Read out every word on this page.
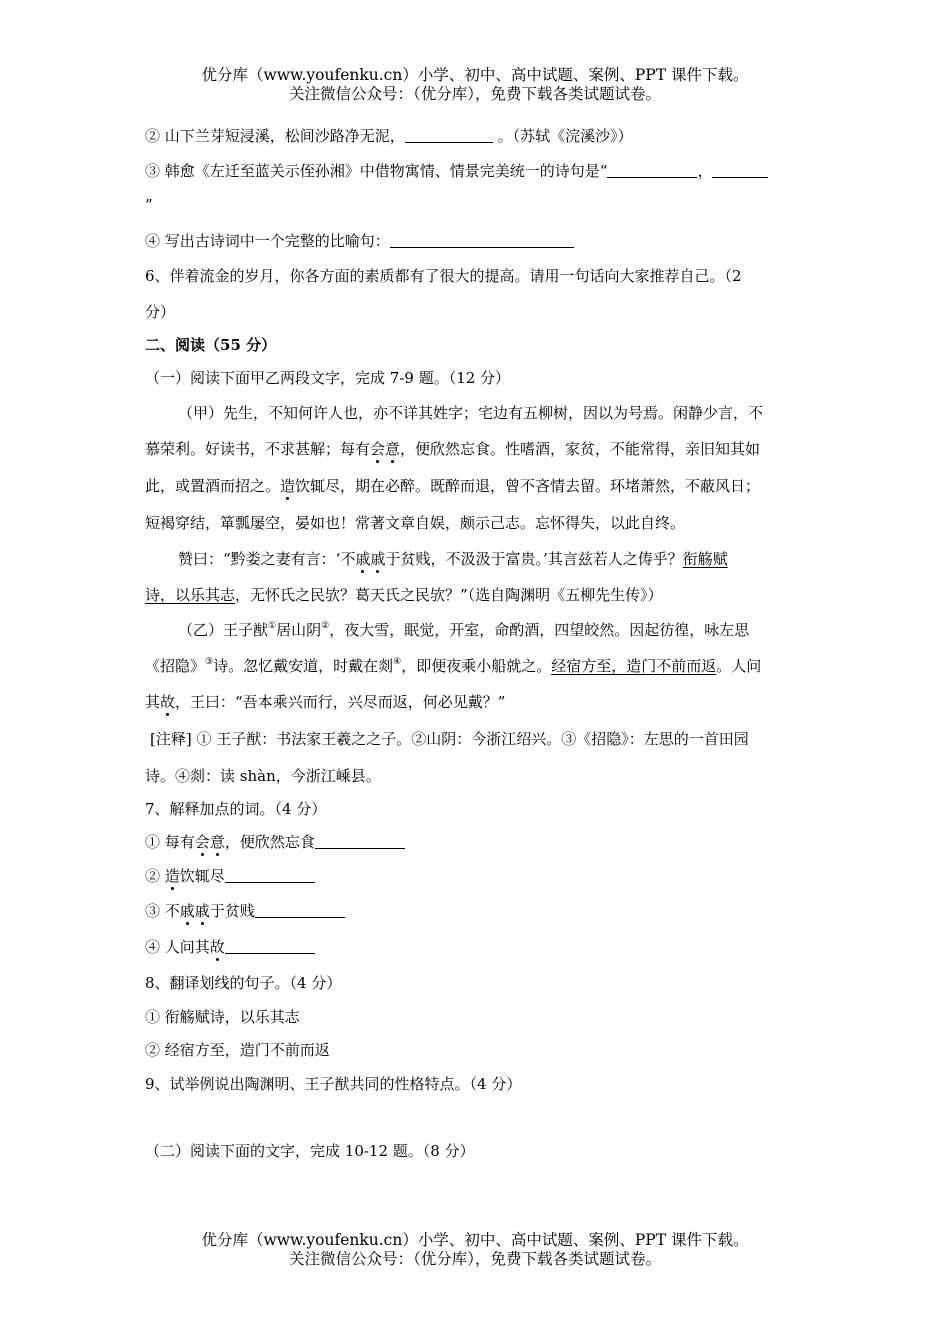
优分库（www.youfenku.cn）小学、初中、高中试题、案例、PPT 课件下载。
关注微信公众号：（优分库），免费下载各类试题试卷。
② 山下兰芽短浸溪，松间沙路净无泥，	。（苏轼《浣溪沙》）
③ 韩愈《左迁至蓝关示侄孙湘》中借物寓情、情景完美统一的诗句是“	，
”
④ 写出古诗词中一个完整的比喻句：
6、伴着流金的岁月，你各方面的素质都有了很大的提高。请用一句话向大家推荐自己。（2
分）
二、阅读（55 分）
（一）阅读下面甲乙两段文字，完成 7-9 题。（12 分）
（甲）先生，不知何许人也，亦不详其姓字；宅边有五柳树，因以为号焉。闲静少言，不
慕荣利。好读书，不求甚解；每有会意，便欣然忘食。性嗜酒，家贫，不能常得，亲旧知其如
此，或置酒而招之。造饮辄尽，期在必醉。既醉而退，曾不吝情去留。环堵萧然，不蔽风日；
短褐穿结，箪瓢屡空，晏如也！常著文章自娱，颇示己志。忘怀得失，以此自终。
赞曰：“黔娄之妻有言：‘不戚戚于贫贱，不汲汲于富贵。’其言兹若人之俦乎？衔觞赋
诗，以乐其志，无怀氏之民欤？葛天氏之民欤？”（选自陶渊明《五柳先生传》）
（乙）王子猷①居山阴②，夜大雪，眠觉，开室，命酌酒，四望皎然。因起彷徨，咏左思
《招隐》③诗。忽忆戴安道，时戴在剡④，即便夜乘小船就之。经宿方至，造门不前而返。人问
其故，王曰：“吾本乘兴而行，兴尽而返，何必见戴？”
[注释] ① 王子猷：书法家王羲之之子。②山阴：今浙江绍兴。③《招隐》：左思的一首田园
诗。④剡：读 shàn，今浙江嵊县。
7、解释加点的词。（4 分）
① 每有会意，便欣然忘食
② 造饮辄尽
③ 不戚戚于贫贱
④ 人问其故
8、翻译划线的句子。（4 分）
① 衔觞赋诗，以乐其志
② 经宿方至，造门不前而返
9、试举例说出陶渊明、王子猷共同的性格特点。（4 分）
（二）阅读下面的文字，完成 10-12 题。（8 分）
优分库（www.youfenku.cn）小学、初中、高中试题、案例、PPT 课件下载。
关注微信公众号：（优分库），免费下载各类试题试卷。
